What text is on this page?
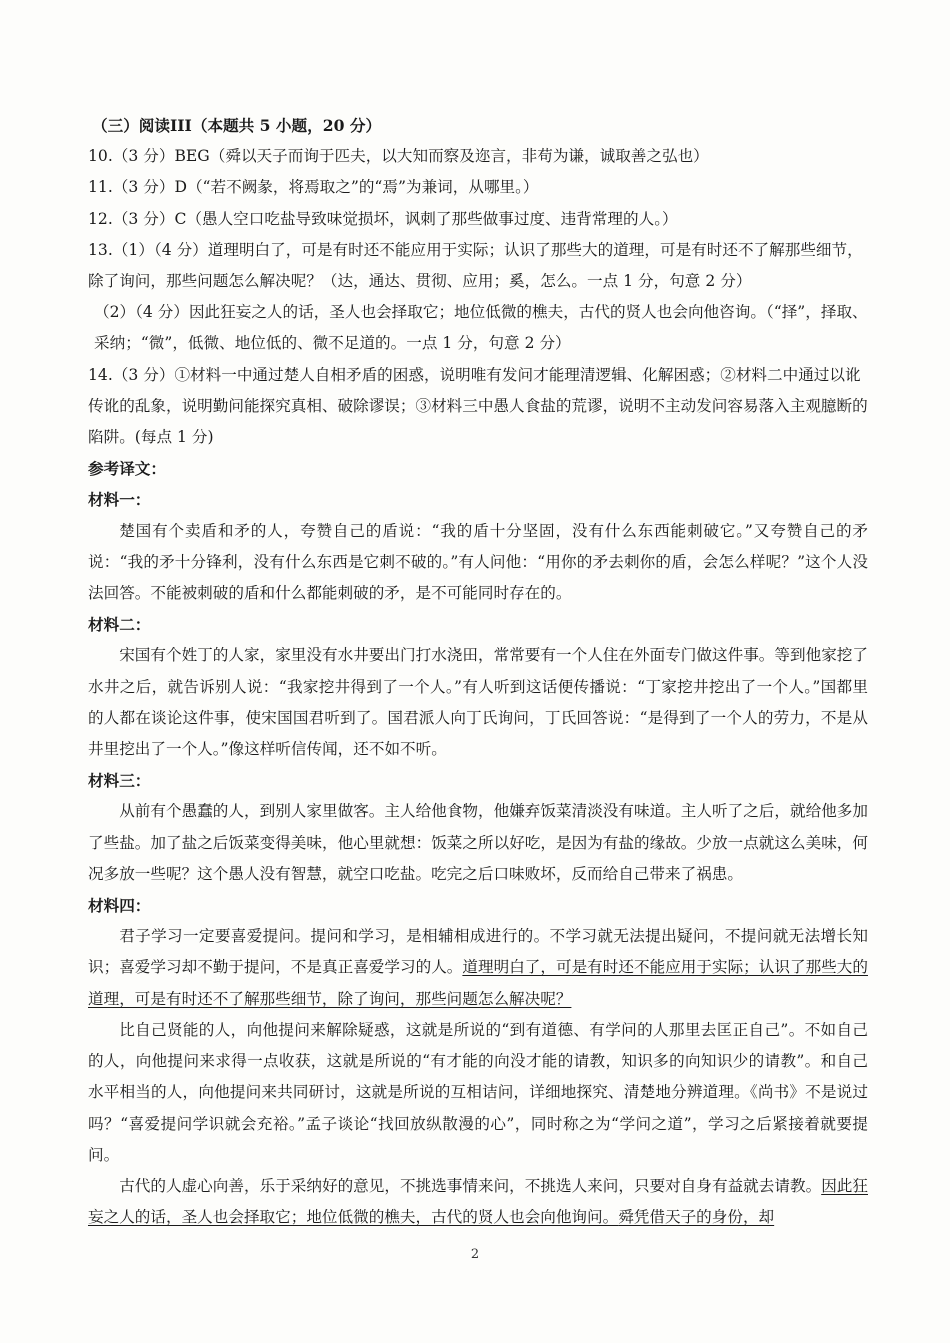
（三）阅读III（本题共 5 小题，20 分）

10.（3 分）BEG（舜以天子而询于匹夫，以大知而察及迩言，非苟为谦，诚取善之弘也）

11.（3 分）D（“若不阙彖，将焉取之”的“焉”为兼词，从哪里。）

12.（3 分）C（愚人空口吃盐导致味觉损坏，讽刺了那些做事过度、违背常理的人。）

13.（1）（4 分）道理明白了，可是有时还不能应用于实际；认识了那些大的道理，可是有时还不了解那些细节，除了询问，那些问题怎么解决呢？（达，通达、贯彻、应用；奚，怎么。一点 1 分，句意 2 分）

（2）（4 分）因此狂妄之人的话，圣人也会择取它；地位低微的樵夫，古代的贤人也会向他咨询。（“择”，择取、采纳；“微”，低微、地位低的、微不足道的。一点 1 分，句意 2 分）

14.（3 分）①材料一中通过楚人自相矛盾的困惑，说明唯有发问才能理清逻辑、化解困惑；②材料二中通过以讹传讹的乱象，说明勤问能探究真相、破除谬误；③材料三中愚人食盐的荒谬，说明不主动发问容易落入主观臆断的陷阱。(每点 1 分)

参考译文：

材料一：

楚国有个卖盾和矛的人，夸赞自己的盾说：“我的盾十分坚固，没有什么东西能刺破它。”又夸赞自己的矛说：“我的矛十分锋利，没有什么东西是它刺不破的。”有人问他：“用你的矛去刺你的盾，会怎么样呢？”这个人没法回答。不能被刺破的盾和什么都能刺破的矛，是不可能同时存在的。

材料二：

宋国有个姓丁的人家，家里没有水井要出门打水浇田，常常要有一个人住在外面专门做这件事。等到他家挖了水井之后，就告诉别人说：“我家挖井得到了一个人。”有人听到这话便传播说：“丁家挖井挖出了一个人。”国都里的人都在谈论这件事，使宋国国君听到了。国君派人向丁氏询问，丁氏回答说：“是得到了一个人的劳力，不是从井里挖出了一个人。”像这样听信传闻，还不如不听。

材料三：

从前有个愚蠢的人，到别人家里做客。主人给他食物，他嫌弃饭菜清淡没有味道。主人听了之后，就给他多加了些盐。加了盐之后饭菜变得美味，他心里就想：饭菜之所以好吃，是因为有盐的缘故。少放一点就这么美味，何况多放一些呢？这个愚人没有智慧，就空口吃盐。吃完之后口味败坏，反而给自己带来了祸患。

材料四：

君子学习一定要喜爱提问。提问和学习，是相辅相成进行的。不学习就无法提出疑问，不提问就无法增长知识；喜爱学习却不勤于提问，不是真正喜爱学习的人。道理明白了，可是有时还不能应用于实际；认识了那些大的道理，可是有时还不了解那些细节，除了询问，那些问题怎么解决呢？

比自己贤能的人，向他提问来解除疑惑，这就是所说的“到有道德、有学问的人那里去匡正自己”。不如自己的人，向他提问来求得一点收获，这就是所说的“有才能的向没才能的请教，知识多的向知识少的请教”。和自己水平相当的人，向他提问来共同研讨，这就是所说的互相诘问，详细地探究、清楚地分辨道理。《尚书》不是说过吗？“喜爱提问学识就会充裕。”孟子谈论“找回放纵散漫的心”，同时称之为“学问之道”，学习之后紧接着就要提问。

古代的人虚心向善，乐于采纳好的意见，不挑选事情来问，不挑选人来问，只要对自身有益就去请教。因此狂妄之人的话，圣人也会择取它；地位低微的樵夫，古代的贤人也会向他询问。舜凭借天子的身份，却

2
